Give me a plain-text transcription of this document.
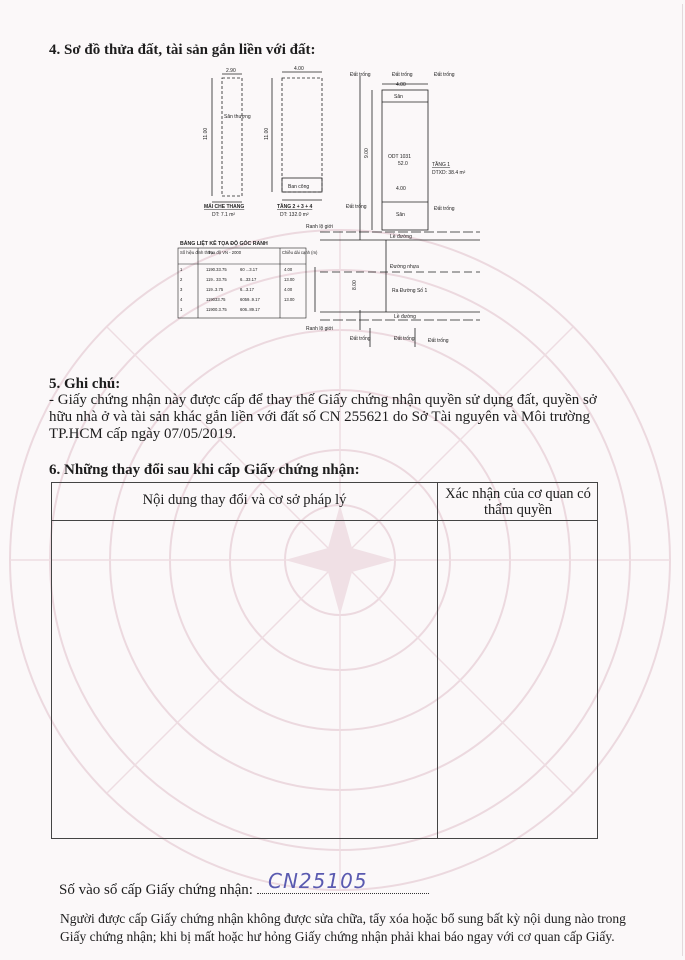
4. Sơ đồ thửa đất, tài sản gắn liền với đất:
Sân thượng
MÁI CHE THANG
DT: 7.1 m²
Ban công
TẦNG 2 + 3 + 4
DT: 132.0 m²
ODT 1031
52.0	TẦNG 1
DTXD: 38.4 m²
Sân
Sân
Đất trống	Đất trống	Đất trống
Đất trống	Đất trống
Ranh lộ giới
Lề đường
Đường nhựa
Ra Đường Số 1
Lề đường
Ranh lộ giới
Đất trống	Đất trống	Đất trống
2.90	4.00
4.00
4.00
11.00	11.00
9.00
8.00
BẢNG LIỆT KÊ TỌA ĐỘ GÓC RANH
Số hiệu đỉnh thửa
Tọa độ VN - 2000	Chiều dài cạnh (m)
1	1190.33.75	60 ...3.17	4.00
2	119.. 33.75	6...33.17	13.00
3	119..3.75	6...3.17	4.00
4	119033.75	6059..9.17	13.00
1	11900.3.75	606..89.17
5. Ghi chú:
- Giấy chứng nhận này được cấp để thay thế Giấy chứng nhận quyền sử dụng đất, quyền sở hữu nhà ở và tài sản khác gắn liền với đất số CN 255621 do Sở Tài nguyên và Môi trường TP.HCM cấp ngày 07/05/2019.
6. Những thay đổi sau khi cấp Giấy chứng nhận:
Nội dung thay đổi và cơ sở pháp lý	Xác nhận của cơ quan có thẩm quyền
Số vào sổ cấp Giấy chứng nhận: CN25105
Người được cấp Giấy chứng nhận không được sửa chữa, tẩy xóa hoặc bổ sung bất kỳ nội dung nào trong Giấy chứng nhận; khi bị mất hoặc hư hỏng Giấy chứng nhận phải khai báo ngay với cơ quan cấp Giấy.
